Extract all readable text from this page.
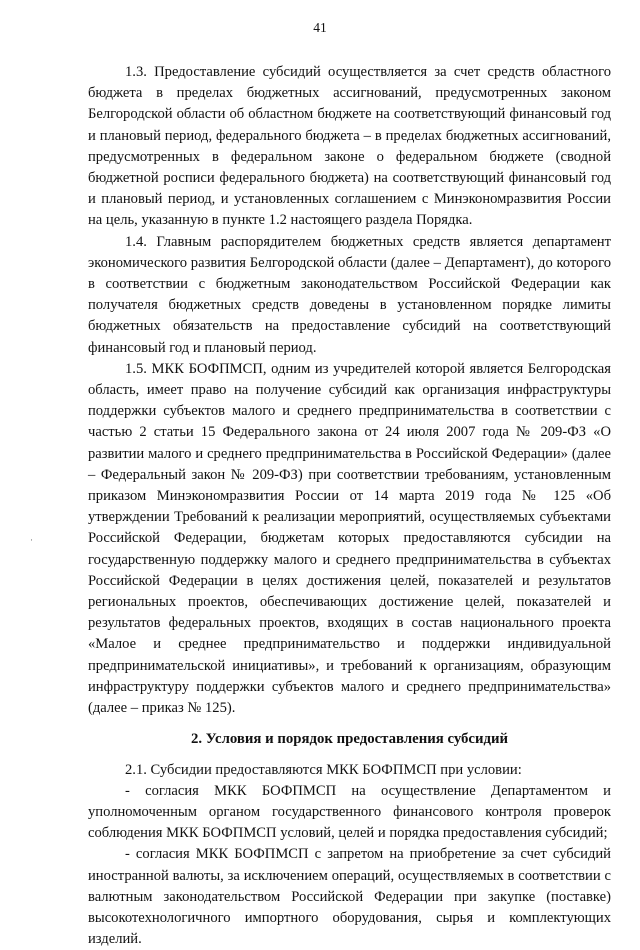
41
·

1.3. Предоставление субсидий осуществляется за счет средств областного бюджета в пределах бюджетных ассигнований, предусмотренных законом Белгородской области об областном бюджете на соответствующий финансовый год и плановый период, федерального бюджета – в пределах бюджетных ассигнований, предусмотренных в федеральном законе о федеральном бюджете (сводной бюджетной росписи федерального бюджета) на соответствующий финансовый год и плановый период, и установленных соглашением с Минэкономразвития России на цель, указанную в пункте 1.2 настоящего раздела Порядка.

1.4. Главным распорядителем бюджетных средств является департамент экономического развития Белгородской области (далее – Департамент), до которого в соответствии с бюджетным законодательством Российской Федерации как получателя бюджетных средств доведены в установленном порядке лимиты бюджетных обязательств на предоставление субсидий на соответствующий финансовый год и плановый период.

1.5. МКК БОФПМСП, одним из учредителей которой является Белгородская область, имеет право на получение субсидий как организация инфраструктуры поддержки субъектов малого и среднего предпринимательства в соответствии с частью 2 статьи 15 Федерального закона от 24 июля 2007 года № 209-ФЗ «О развитии малого и среднего предпринимательства в Российской Федерации» (далее – Федеральный закон № 209-ФЗ) при соответствии требованиям, установленным приказом Минэкономразвития России от 14 марта 2019 года № 125 «Об утверждении Требований к реализации мероприятий, осуществляемых субъектами Российской Федерации, бюджетам которых предоставляются субсидии на государственную поддержку малого и среднего предпринимательства в субъектах Российской Федерации в целях достижения целей, показателей и результатов региональных проектов, обеспечивающих достижение целей, показателей и результатов федеральных проектов, входящих в состав национального проекта «Малое и среднее предпринимательство и поддержки индивидуальной предпринимательской инициативы», и требований к организациям, образующим инфраструктуру поддержки субъектов малого и среднего предпринимательства» (далее – приказ № 125).

2. Условия и порядок предоставления субсидий

2.1. Субсидии предоставляются МКК БОФПМСП при условии:

- согласия МКК БОФПМСП на осуществление Департаментом и уполномоченным органом государственного финансового контроля проверок соблюдения МКК БОФПМСП условий, целей и порядка предоставления субсидий;

- согласия МКК БОФПМСП с запретом на приобретение за счет субсидий иностранной валюты, за исключением операций, осуществляемых в соответствии с валютным законодательством Российской Федерации при закупке (поставке) высокотехнологичного импортного оборудования, сырья и комплектующих изделий.
